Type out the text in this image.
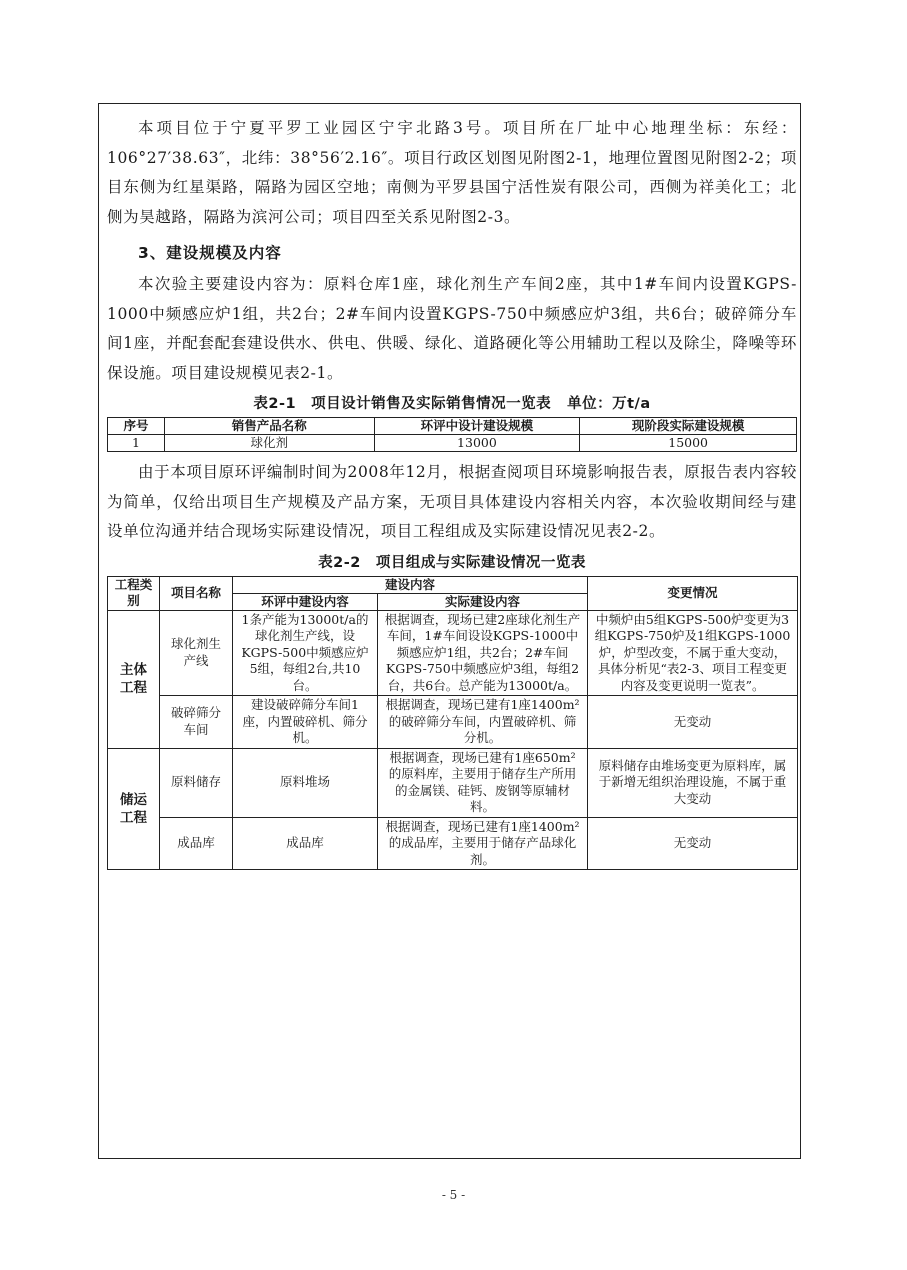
本项目位于宁夏平罗工业园区宁宇北路3号。项目所在厂址中心地理坐标：东经：106°27′38.63″，北纬：38°56′2.16″。项目行政区划图见附图2-1，地理位置图见附图2-2；项目东侧为红星渠路，隔路为园区空地；南侧为平罗县国宁活性炭有限公司，西侧为祥美化工；北侧为昊越路，隔路为滨河公司；项目四至关系见附图2-3。

3、建设规模及内容

本次验主要建设内容为：原料仓库1座，球化剂生产车间2座，其中1#车间内设置KGPS-1000中频感应炉1组，共2台；2#车间内设置KGPS-750中频感应炉3组，共6台；破碎筛分车间1座，并配套配套建设供水、供电、供暖、绿化、道路硬化等公用辅助工程以及除尘，降噪等环保设施。项目建设规模见表2-1。

表2-1　项目设计销售及实际销售情况一览表 单位：万t/a
序号	销售产品名称	环评中设计建设规模	现阶段实际建设规模
1	球化剂	13000	15000

由于本项目原环评编制时间为2008年12月，根据查阅项目环境影响报告表，原报告表内容较为简单，仅给出项目生产规模及产品方案，无项目具体建设内容相关内容，本次验收期间经与建设单位沟通并结合现场实际建设情况，项目工程组成及实际建设情况见表2-2。

表2-2　项目组成与实际建设情况一览表
工程类别	项目名称	建设内容		变更情况
		环评中建设内容	实际建设内容	
主体工程	球化剂生产线	1条产能为13000t/a的球化剂生产线，设KGPS-500中频感应炉5组，每组2台,共10台。	根据调查，现场已建2座球化剂生产车间，1#车间设设KGPS-1000中频感应炉1组，共2台；2#车间KGPS-750中频感应炉3组，每组2台，共6台。总产能为13000t/a。	中频炉由5组KGPS-500炉变更为3组KGPS-750炉及1组KGPS-1000炉，炉型改变，不属于重大变动，具体分析见“表2-3、项目工程变更内容及变更说明一览表”。
	破碎筛分车间	建设破碎筛分车间1座，内置破碎机、筛分机。	根据调查，现场已建有1座1400m²的破碎筛分车间，内置破碎机、筛分机。	无变动
储运工程	原料储存	原料堆场	根据调查，现场已建有1座650m²的原料库，主要用于储存生产所用的金属镁、硅钙、废钢等原辅材料。	原料储存由堆场变更为原料库，属于新增无组织治理设施，不属于重大变动
	成品库	成品库	根据调查，现场已建有1座1400m²的成品库，主要用于储存产品球化剂。	无变动
- 5 -
